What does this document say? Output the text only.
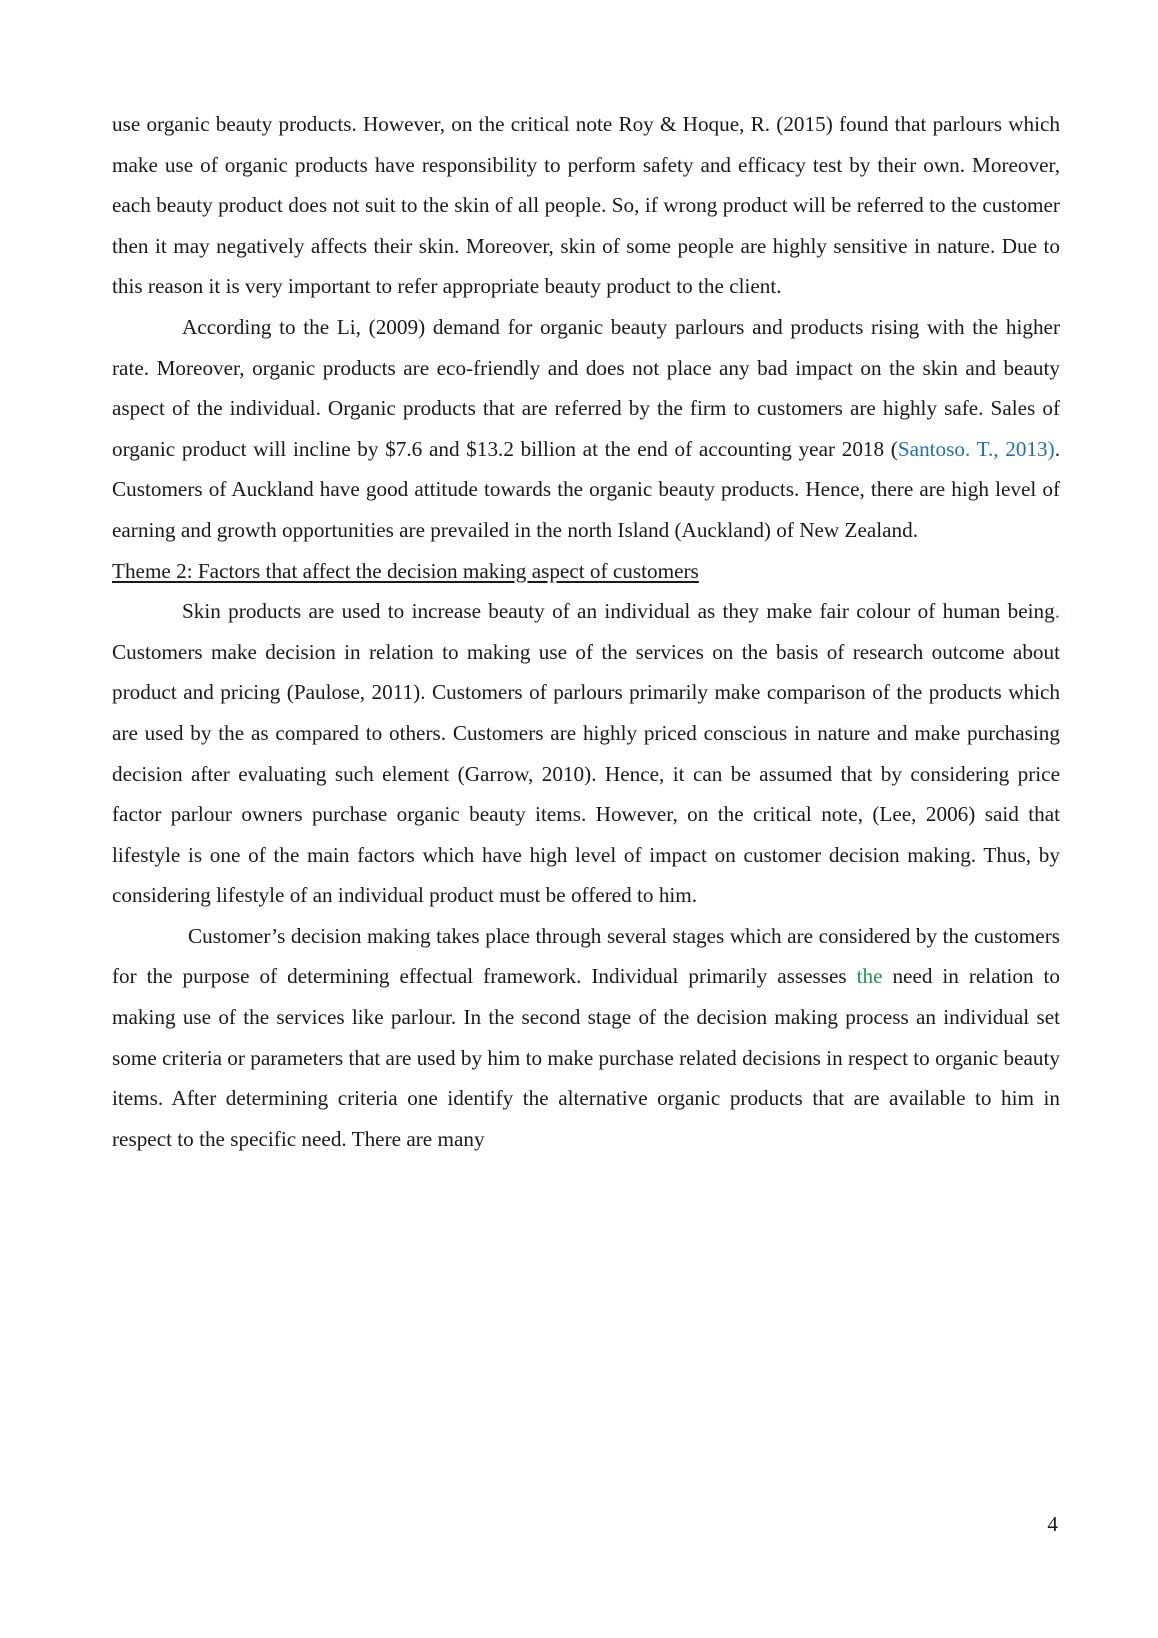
use organic beauty products. However, on the critical note Roy & Hoque, R. (2015) found that parlours which make use of organic products have responsibility to perform safety and efficacy test by their own. Moreover, each beauty product does not suit to the skin of all people. So, if wrong product will be referred to the customer then it may negatively affects their skin. Moreover, skin of some people are highly sensitive in nature. Due to this reason it is very important to refer appropriate beauty product to the client.

According to the Li, (2009) demand for organic beauty parlours and products rising with the higher rate. Moreover, organic products are eco-friendly and does not place any bad impact on the skin and beauty aspect of the individual. Organic products that are referred by the firm to customers are highly safe. Sales of organic product will incline by $7.6 and $13.2 billion at the end of accounting year 2018 (Santoso. T., 2013). Customers of Auckland have good attitude towards the organic beauty products. Hence, there are high level of earning and growth opportunities are prevailed in the north Island (Auckland) of New Zealand.

Theme 2: Factors that affect the decision making aspect of customers

Skin products are used to increase beauty of an individual as they make fair colour of human being. Customers make decision in relation to making use of the services on the basis of research outcome about product and pricing (Paulose, 2011). Customers of parlours primarily make comparison of the products which are used by the as compared to others. Customers are highly priced conscious in nature and make purchasing decision after evaluating such element (Garrow, 2010). Hence, it can be assumed that by considering price factor parlour owners purchase organic beauty items. However, on the critical note, (Lee, 2006) said that lifestyle is one of the main factors which have high level of impact on customer decision making. Thus, by considering lifestyle of an individual product must be offered to him.

Customer’s decision making takes place through several stages which are considered by the customers for the purpose of determining effectual framework. Individual primarily assesses the need in relation to making use of the services like parlour. In the second stage of the decision making process an individual set some criteria or parameters that are used by him to make purchase related decisions in respect to organic beauty items. After determining criteria one identify the alternative organic products that are available to him in respect to the specific need. There are many

4
